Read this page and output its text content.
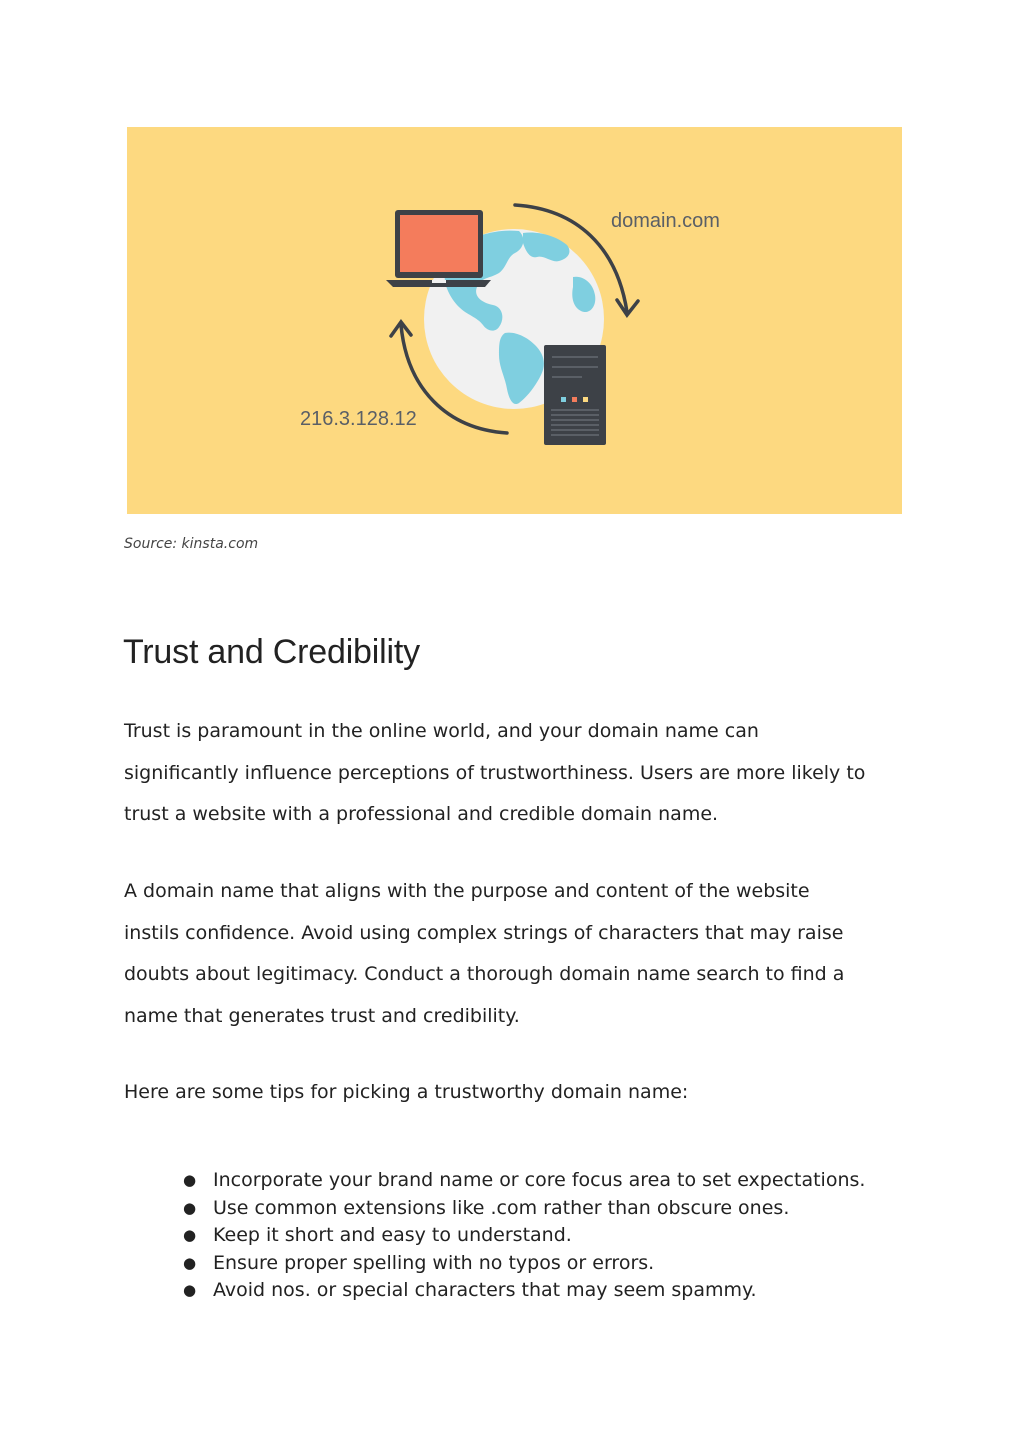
domain.com
216.3.128.12
Source: kinsta.com
Trust and Credibility

Trust is paramount in the online world, and your domain name can
significantly influence perceptions of trustworthiness. Users are more likely to
trust a website with a professional and credible domain name.

A domain name that aligns with the purpose and content of the website
instils confidence. Avoid using complex strings of characters that may raise
doubts about legitimacy. Conduct a thorough domain name search to find a
name that generates trust and credibility.

Here are some tips for picking a trustworthy domain name:

● Incorporate your brand name or core focus area to set expectations.
● Use common extensions like .com rather than obscure ones.
● Keep it short and easy to understand.
● Ensure proper spelling with no typos or errors.
● Avoid nos. or special characters that may seem spammy.
